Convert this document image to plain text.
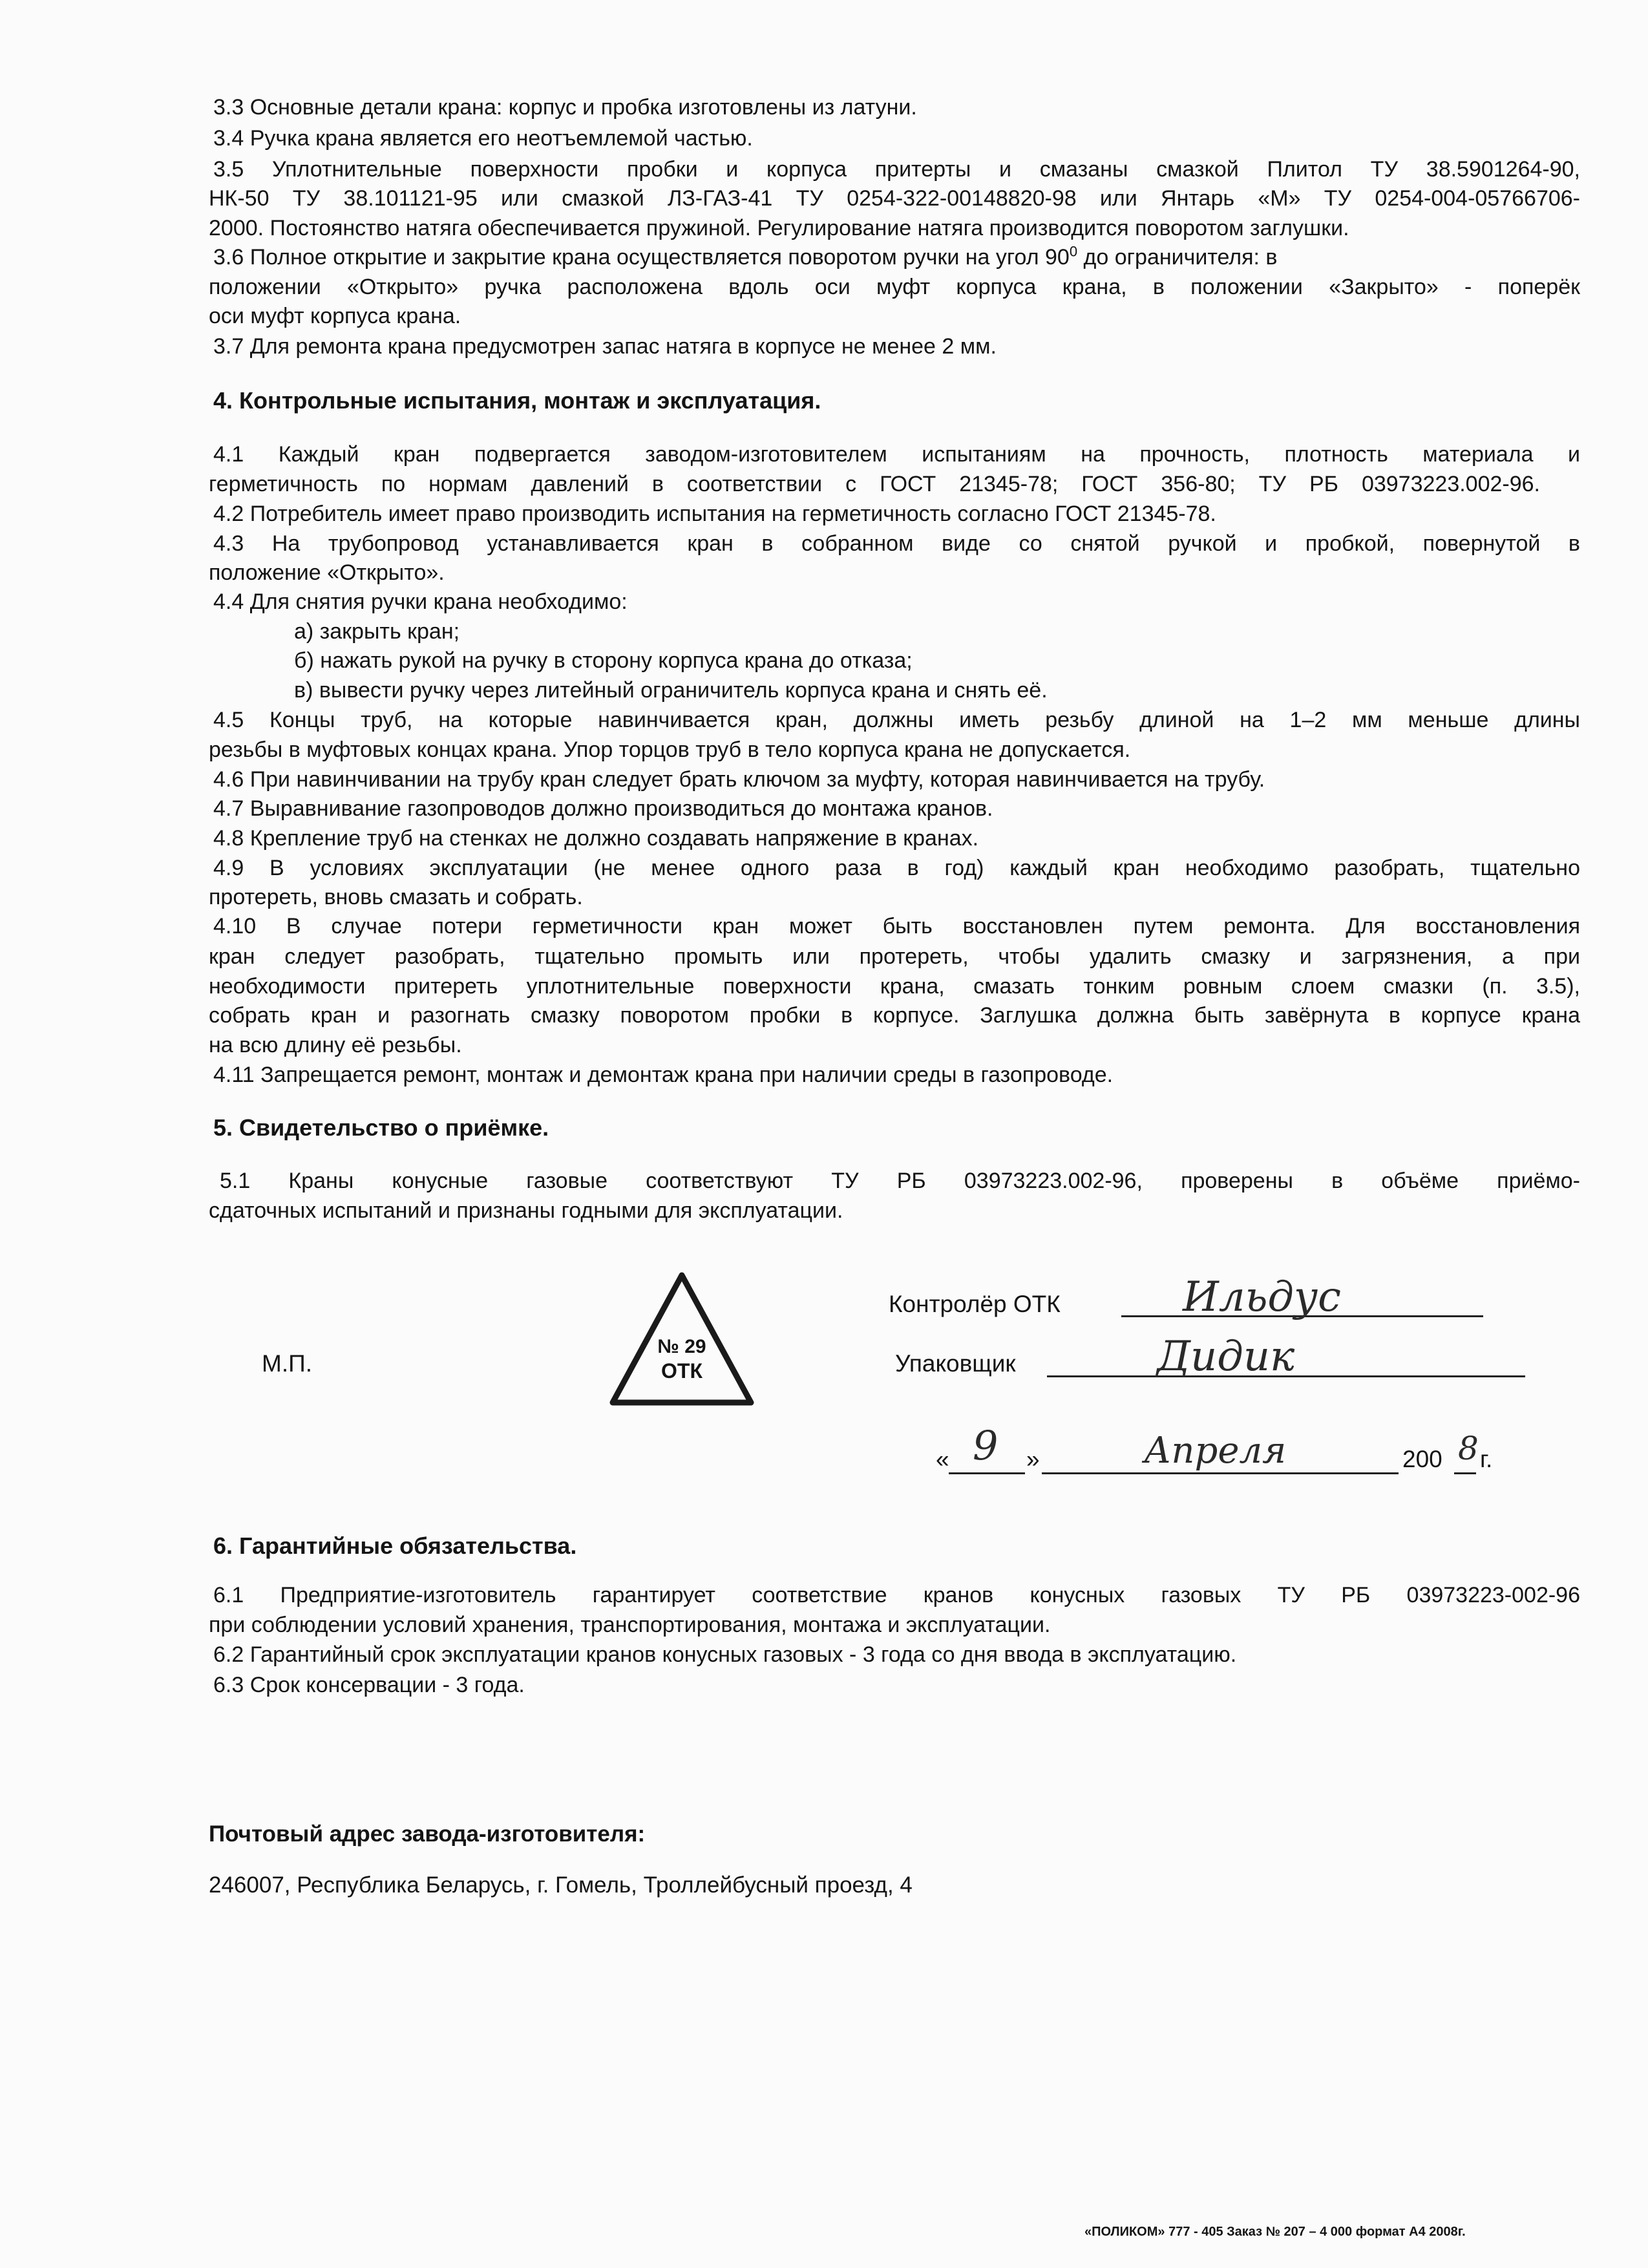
3.3 Основные детали крана: корпус и пробка изготовлены из латуни.
3.4 Ручка крана является его неотъемлемой частью.
3.5 Уплотнительные поверхности пробки и корпуса притерты и смазаны смазкой Плитол ТУ 38.5901264-90,
НК-50 ТУ 38.101121-95 или смазкой ЛЗ-ГАЗ-41 ТУ 0254-322-00148820-98 или Янтарь «М» ТУ 0254-004-05766706-
2000. Постоянство натяга обеспечивается пружиной. Регулирование натяга производится поворотом заглушки.
3.6 Полное открытие и закрытие крана осуществляется поворотом ручки на угол $90^0$ до ограничителя: в
положении «Открыто» ручка расположена вдоль оси муфт корпуса крана, в положении «Закрыто» - поперёк
оси муфт корпуса крана.
3.7 Для ремонта крана предусмотрен запас натяга в корпусе не менее 2 мм.
4. Контрольные испытания, монтаж и эксплуатация.
4.1 Каждый кран подвергается заводом-изготовителем испытаниям на прочность, плотность материала и
герметичность по нормам давлений в соответствии с ГОСТ 21345-78; ГОСТ 356-80; ТУ РБ 03973223.002-96.
4.2 Потребитель имеет право производить испытания на герметичность согласно ГОСТ 21345-78.
4.3 На трубопровод устанавливается кран в собранном виде со снятой ручкой и пробкой, повернутой в
положение «Открыто».
4.4 Для снятия ручки крана необходимо:
а) закрыть кран;
б) нажать рукой на ручку в сторону корпуса крана до отказа;
в) вывести ручку через литейный ограничитель корпуса крана и снять её.
4.5 Концы труб, на которые навинчивается кран, должны иметь резьбу длиной на 1–2 мм меньше длины
резьбы в муфтовых концах крана. Упор торцов труб в тело корпуса крана не допускается.
4.6 При навинчивании на трубу кран следует брать ключом за муфту, которая навинчивается на трубу.
4.7 Выравнивание газопроводов должно производиться до монтажа кранов.
4.8 Крепление труб на стенках не должно создавать напряжение в кранах.
4.9 В условиях эксплуатации (не менее одного раза в год) каждый кран необходимо разобрать, тщательно
протереть, вновь смазать и собрать.
4.10 В случае потери герметичности кран может быть восстановлен путем ремонта. Для восстановления
кран следует разобрать, тщательно промыть или протереть, чтобы удалить смазку и загрязнения, а при
необходимости притереть уплотнительные поверхности крана, смазать тонким ровным слоем смазки (п. 3.5),
собрать кран и разогнать смазку поворотом пробки в корпусе. Заглушка должна быть завёрнута в корпусе крана
на всю длину её резьбы.
4.11 Запрещается ремонт, монтаж и демонтаж крана при наличии среды в газопроводе.
5. Свидетельство о приёмке.
5.1 Краны конусные газовые соответствуют ТУ РБ 03973223.002-96, проверены в объёме приёмо-
сдаточных испытаний и признаны годными для эксплуатации.
М.П.
№ 29
ОТК
Контролёр ОТК	Ильдус
Упаковщик	Дидик
« 9 »	Апреля	200 8 г.
6. Гарантийные обязательства.
6.1 Предприятие-изготовитель гарантирует соответствие кранов конусных газовых ТУ РБ 03973223-002-96
при соблюдении условий хранения, транспортирования, монтажа и эксплуатации.
6.2 Гарантийный срок эксплуатации кранов конусных газовых - 3 года со дня ввода в эксплуатацию.
6.3 Срок консервации - 3 года.
Почтовый адрес завода-изготовителя:
246007, Республика Беларусь, г. Гомель, Троллейбусный проезд, 4
«ПОЛИКОМ» 777 - 405 Заказ № 207 – 4 000 формат А4 2008г.
